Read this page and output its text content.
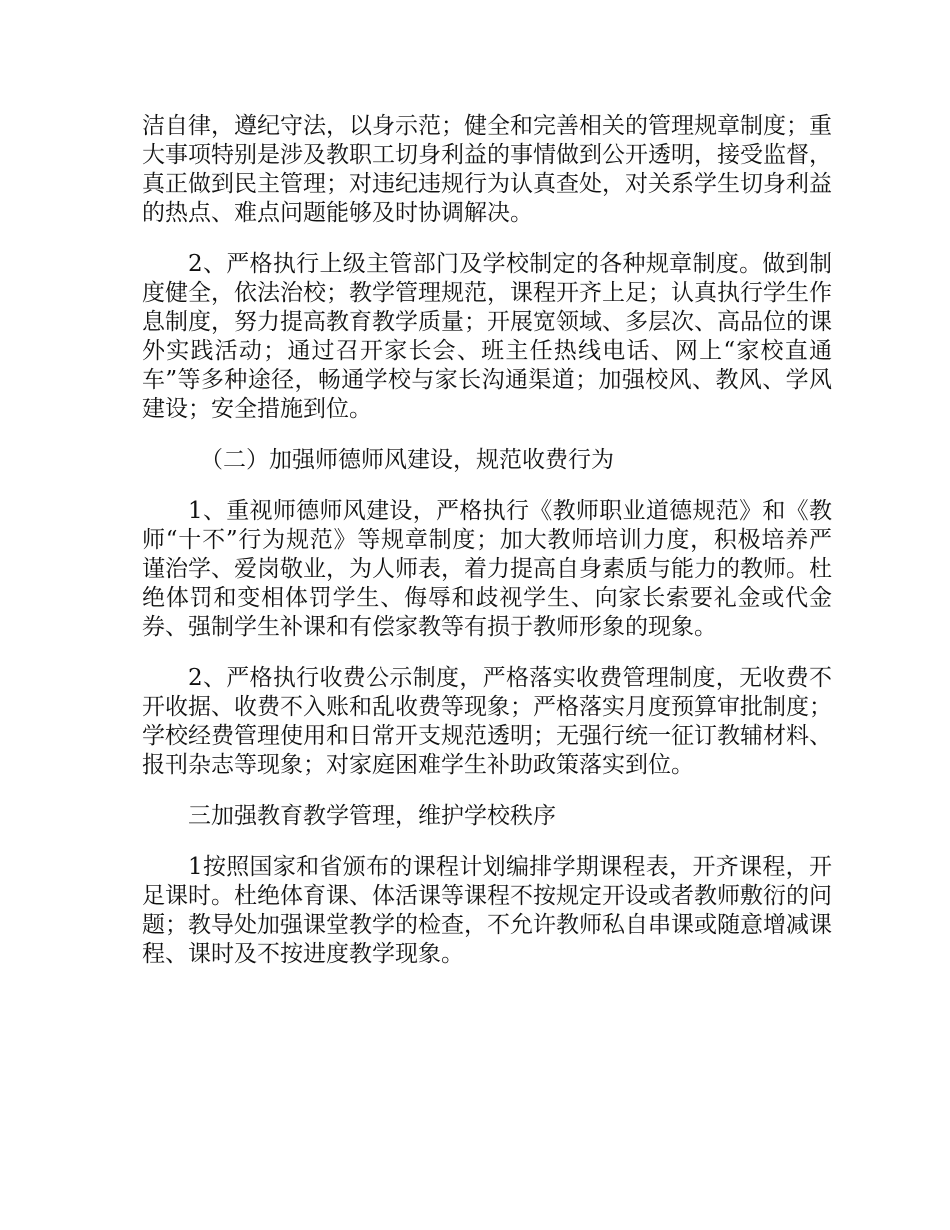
洁自律，遵纪守法，以身示范；健全和完善相关的管理规章制度；重大事项特别是涉及教职工切身利益的事情做到公开透明，接受监督，真正做到民主管理；对违纪违规行为认真查处，对关系学生切身利益的热点、难点问题能够及时协调解决。

2、严格执行上级主管部门及学校制定的各种规章制度。做到制度健全，依法治校；教学管理规范，课程开齐上足；认真执行学生作息制度，努力提高教育教学质量；开展宽领域、多层次、高品位的课外实践活动；通过召开家长会、班主任热线电话、网上“家校直通车”等多种途径，畅通学校与家长沟通渠道；加强校风、教风、学风建设；安全措施到位。

（二）加强师德师风建设，规范收费行为

1、重视师德师风建设，严格执行《教师职业道德规范》和《教师“十不”行为规范》等规章制度；加大教师培训力度，积极培养严谨治学、爱岗敬业，为人师表，着力提高自身素质与能力的教师。杜绝体罚和变相体罚学生、侮辱和歧视学生、向家长索要礼金或代金券、强制学生补课和有偿家教等有损于教师形象的现象。

2、严格执行收费公示制度，严格落实收费管理制度，无收费不开收据、收费不入账和乱收费等现象；严格落实月度预算审批制度；学校经费管理使用和日常开支规范透明；无强行统一征订教辅材料、报刊杂志等现象；对家庭困难学生补助政策落实到位。

三加强教育教学管理，维护学校秩序

1按照国家和省颁布的课程计划编排学期课程表，开齐课程，开足课时。杜绝体育课、体活课等课程不按规定开设或者教师敷衍的问题；教导处加强课堂教学的检查，不允许教师私自串课或随意增减课程、课时及不按进度教学现象。
